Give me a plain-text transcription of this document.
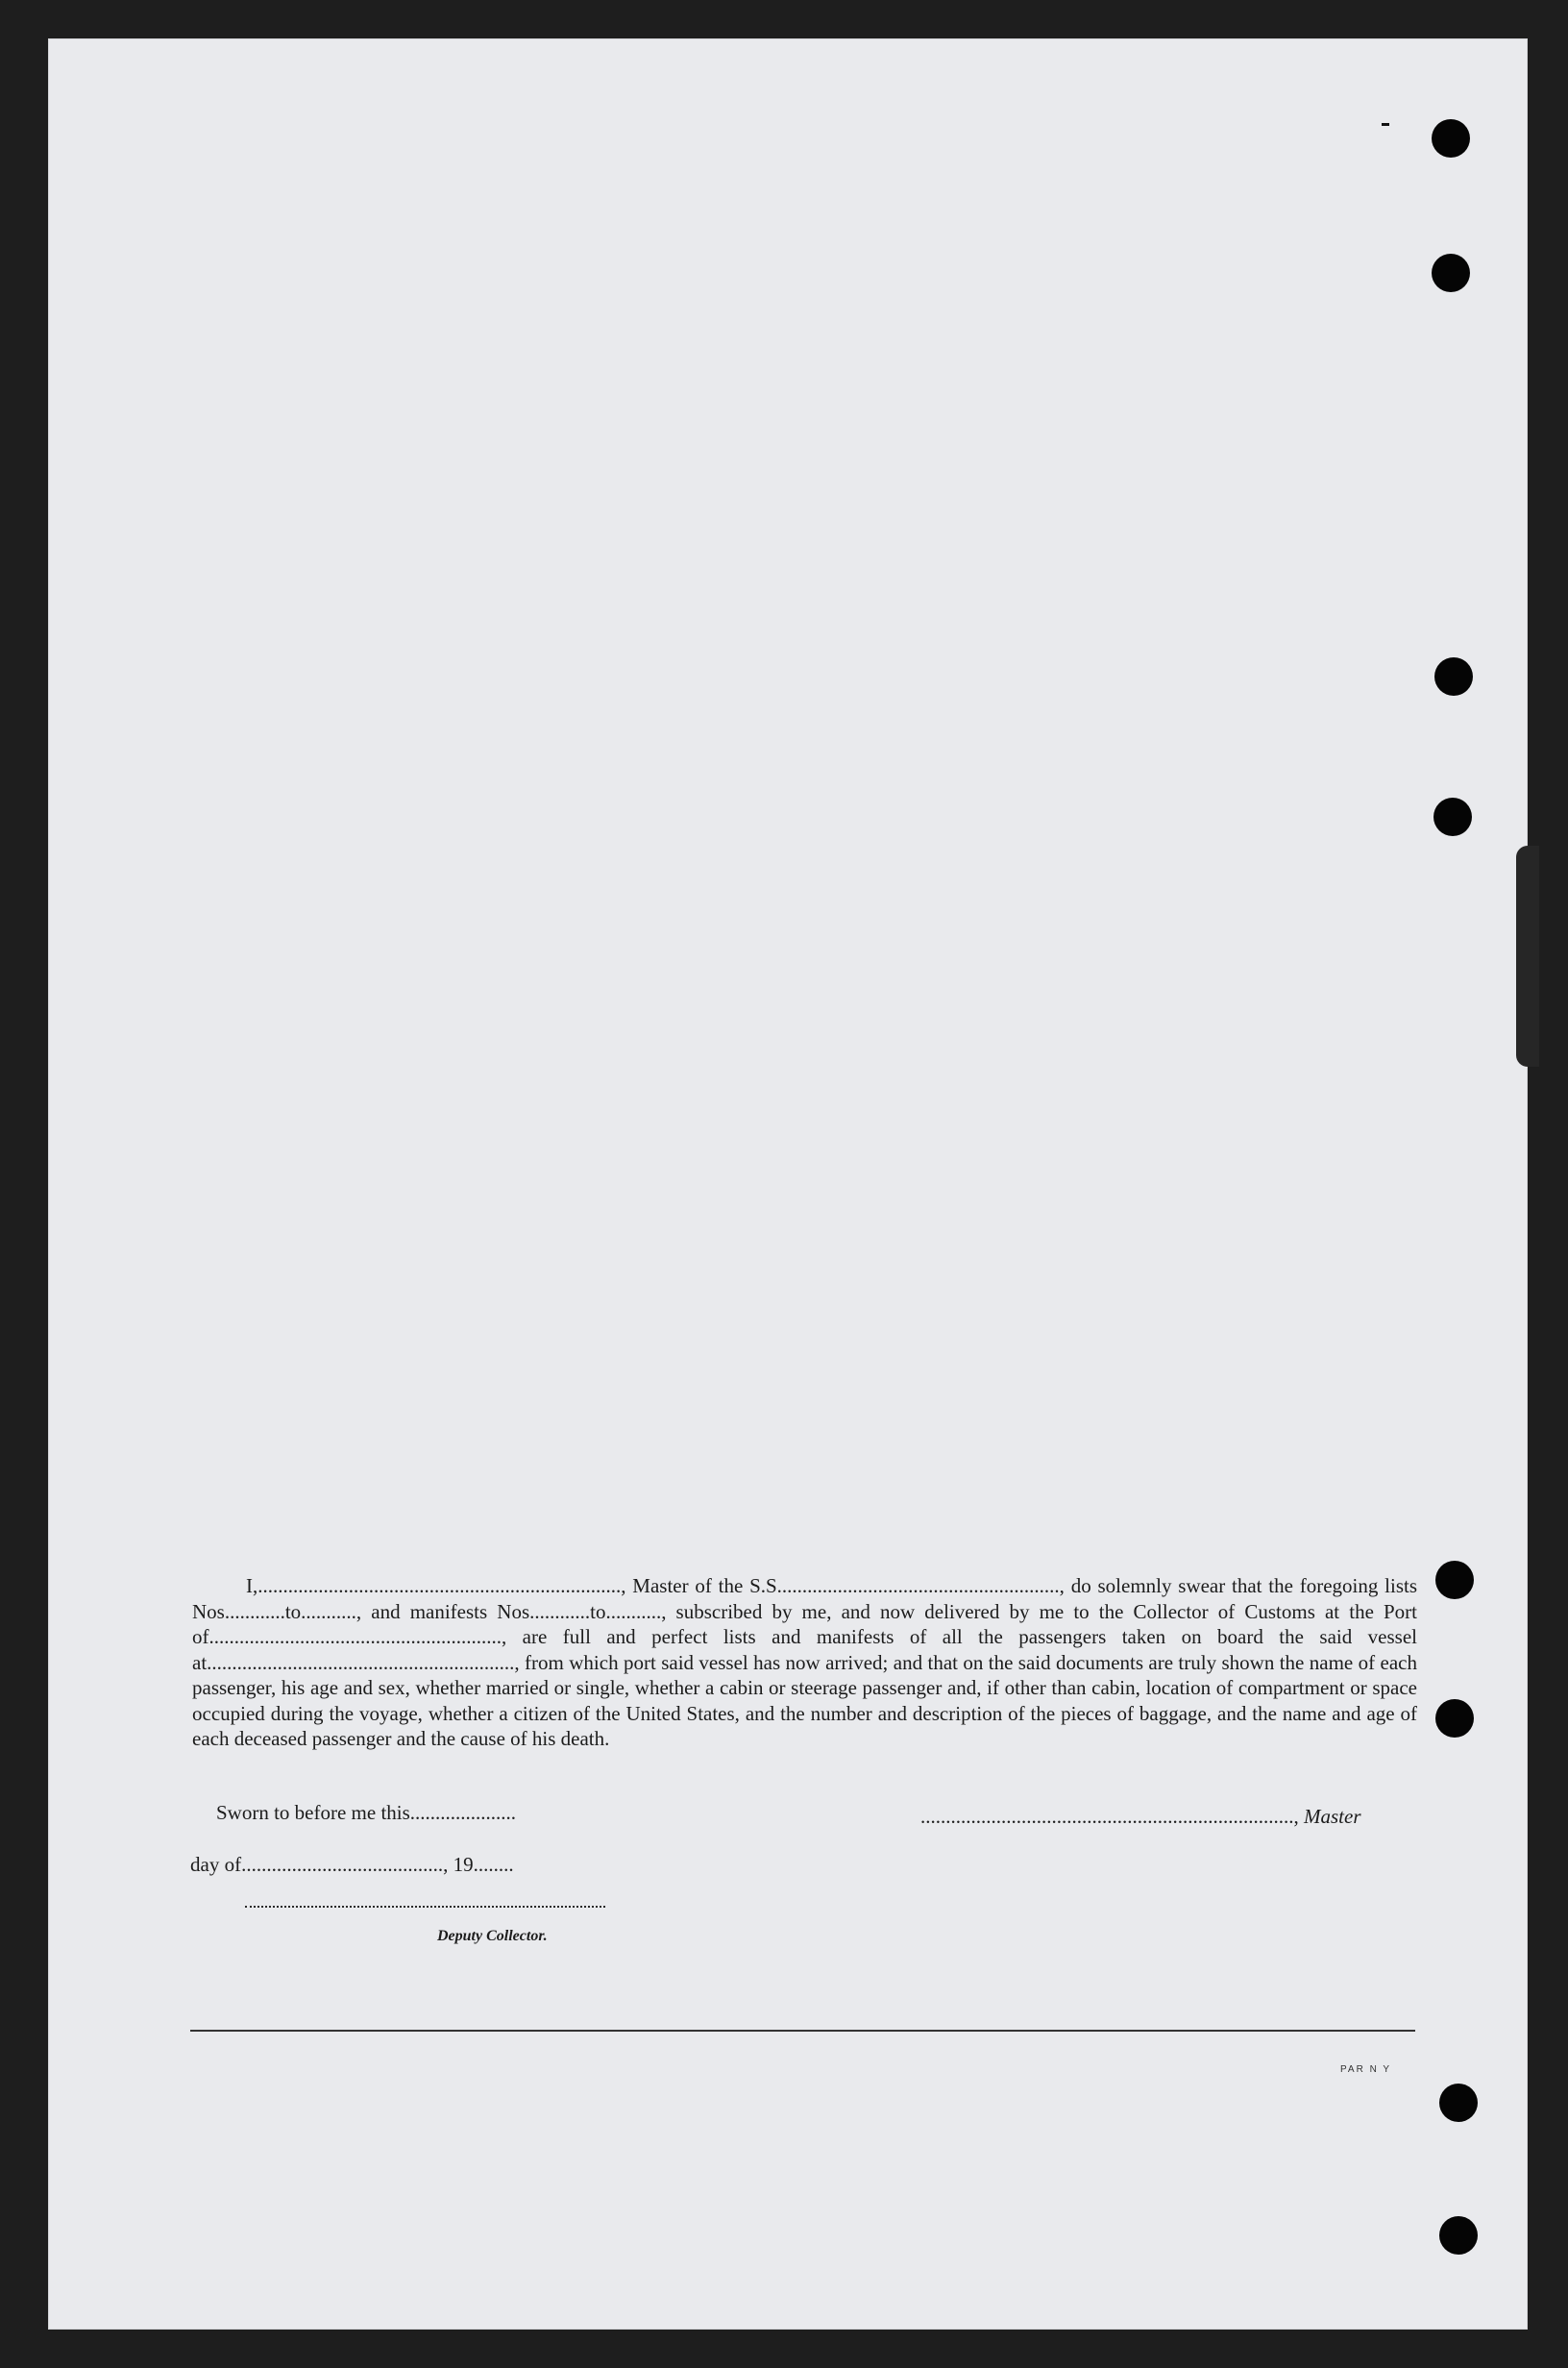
I,........................................................................, Master of the S.S........................................................, do solemnly swear that the foregoing lists Nos............to..........., and manifests Nos............to..........., subscribed by me, and now delivered by me to the Collector of Customs at the Port of.........................................................., are full and perfect lists and manifests of all the passengers taken on board the said vessel at............................................................., from which port said vessel has now arrived; and that on the said documents are truly shown the name of each passenger, his age and sex, whether married or single, whether a cabin or steerage passenger and, if other than cabin, location of compartment or space occupied during the voyage, whether a citizen of the United States, and the number and description of the pieces of baggage, and the name and age of each deceased passenger and the cause of his death.
Sworn to before me this.....................	.........................................................................., Master
day of........................................, 19........
Deputy Collector.
PAR N Y
